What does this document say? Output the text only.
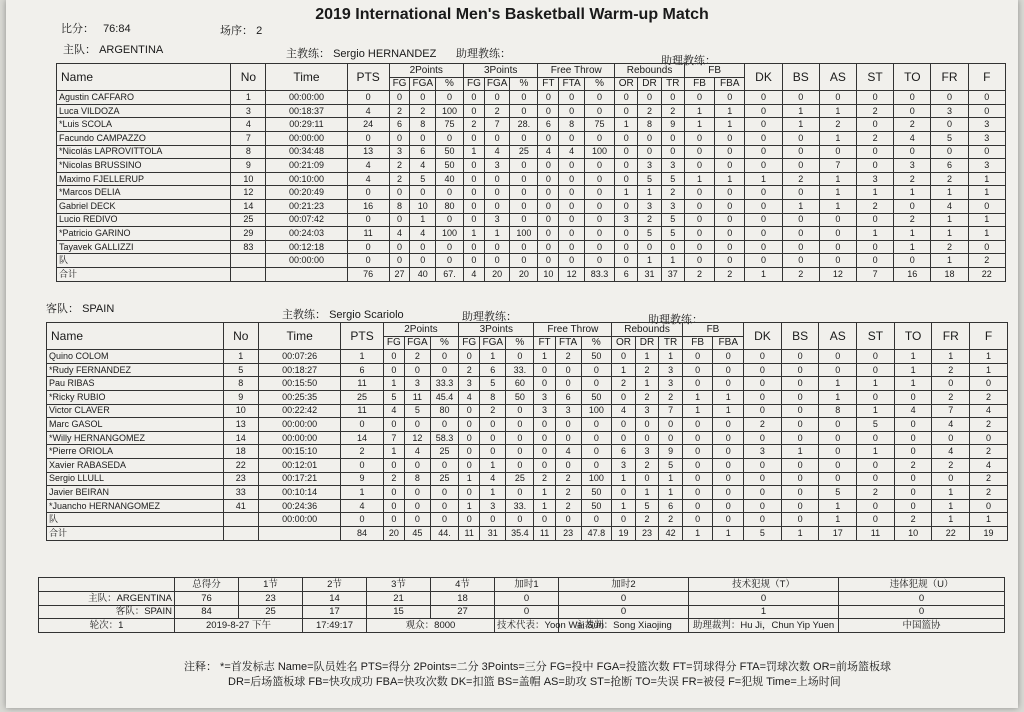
2019 International Men's Basketball Warm-up Match
比分： 76:84	场序： 2
主队： ARGENTINA	主教练： Sergio HERNANDEZ 助理教练：
助理教练：
Name	No	Time	PTS	2Points			3Points			Free Throw			Rebounds			FB		DK	BS	AS	ST	TO	FR	F
				FG	FGA	%	FG	FGA	%	FT	FTA	%	OR	DR	TR	FB	FBA							
Agustin CAFFARO	1	00:00:00	0	0	0	0	0	0	0	0	0	0	0	0	0	0	0	0	0	0	0	0	0	0
Luca VILDOZA	3	00:18:37	4	2	2	100	0	2	0	0	0	0	0	2	2	1	1	0	1	1	2	0	3	0
*Luis SCOLA	4	00:29:11	24	6	8	75	2	7	28.	6	8	75	1	8	9	1	1	0	1	2	0	2	0	3
Facundo CAMPAZZO	7	00:00:00	0	0	0	0	0	0	0	0	0	0	0	0	0	0	0	0	0	1	2	4	5	3
*Nicolás LAPROVITTOLA	8	00:34:48	13	3	6	50	1	4	25	4	4	100	0	0	0	0	0	0	0	0	0	0	0	0
*Nicolas BRUSSINO	9	00:21:09	4	2	4	50	0	3	0	0	0	0	0	3	3	0	0	0	0	7	0	3	6	3
Maximo FJELLERUP	10	00:10:00	4	2	5	40	0	0	0	0	0	0	0	5	5	1	1	1	2	1	3	2	2	1
*Marcos DELIA	12	00:20:49	0	0	0	0	0	0	0	0	0	0	1	1	2	0	0	0	0	1	1	1	1	1
Gabriel DECK	14	00:21:23	16	8	10	80	0	0	0	0	0	0	0	3	3	0	0	0	1	1	2	0	4	0
Lucio REDIVO	25	00:07:42	0	0	1	0	0	3	0	0	0	0	3	2	5	0	0	0	0	0	0	2	1	1
*Patricio GARINO	29	00:24:03	11	4	4	100	1	1	100	0	0	0	0	5	5	0	0	0	0	0	1	1	1	1
Tayavek GALLIZZI	83	00:12:18	0	0	0	0	0	0	0	0	0	0	0	0	0	0	0	0	0	0	0	1	2	0
队		00:00:00	0	0	0	0	0	0	0	0	0	0	0	1	1	0	0	0	0	0	0	0	1	2
合计			76	27	40	67.	4	20	20	10	12	83.3	6	31	37	2	2	1	2	12	7	16	18	22
客队： SPAIN	主教练： Sergio Scariolo	助理教练：	助理教练：
Name	No	Time	PTS	2Points			3Points			Free Throw			Rebounds			FB		DK	BS	AS	ST	TO	FR	F
				FG	FGA	%	FG	FGA	%	FT	FTA	%	OR	DR	TR	FB	FBA							
Quino COLOM	1	00:07:26	1	0	2	0	0	1	0	1	2	50	0	1	1	0	0	0	0	0	0	1	1	1
*Rudy FERNANDEZ	5	00:18:27	6	0	0	0	2	6	33.	0	0	0	1	2	3	0	0	0	0	0	0	1	2	1
Pau RIBAS	8	00:15:50	11	1	3	33.3	3	5	60	0	0	0	2	1	3	0	0	0	0	1	1	1	0	0
*Ricky RUBIO	9	00:25:35	25	5	11	45.4	4	8	50	3	6	50	0	2	2	1	1	0	0	1	0	0	2	2
Victor CLAVER	10	00:22:42	11	4	5	80	0	2	0	3	3	100	4	3	7	1	1	0	0	8	1	4	7	4
Marc GASOL	13	00:00:00	0	0	0	0	0	0	0	0	0	0	0	0	0	0	0	2	0	0	5	0	4	2
*Willy HERNANGOMEZ	14	00:00:00	14	7	12	58.3	0	0	0	0	0	0	0	0	0	0	0	0	0	0	0	0	0	0
*Pierre ORIOLA	18	00:15:10	2	1	4	25	0	0	0	0	4	0	6	3	9	0	0	3	1	0	1	0	4	2
Xavier RABASEDA	22	00:12:01	0	0	0	0	0	1	0	0	0	0	3	2	5	0	0	0	0	0	0	2	2	4
Sergio LLULL	23	00:17:21	9	2	8	25	1	4	25	2	2	100	1	0	1	0	0	0	0	0	0	0	0	2
Javier BEIRAN	33	00:10:14	1	0	0	0	0	1	0	1	2	50	0	1	1	0	0	0	0	5	2	0	1	2
*Juancho HERNANGOMEZ	41	00:24:36	4	0	0	0	1	3	33.	1	2	50	1	5	6	0	0	0	0	1	0	0	1	0
队		00:00:00	0	0	0	0	0	0	0	0	0	0	0	2	2	0	0	0	0	1	0	2	1	1
合计			84	20	45	44.	11	31	35.4	11	23	47.8	19	23	42	1	1	5	1	17	11	10	22	19
	总得分	1节	2节	3节	4节	加时1	加时2	技术犯规（T）	违体犯规（U）	
主队：ARGENTINA	76	23	14	21	18	0	0	0	0	
客队：SPAIN	84	25	17	15	27	0	0	1	0	
轮次：1	2019-8-27 下午		17:49:17	观众：8000		技术代表：Yoon Wai Sun	主裁判：Song Xiaojing	助理裁判：Hu Ji，Chun Yip Yuen	中国篮协	
注释： *=首发标志 Name=队员姓名 PTS=得分 2Points=二分 3Points=三分 FG=投中 FGA=投篮次数 FT=罚球得分 FTA=罚球次数 OR=前场篮板球
DR=后场篮板球 FB=快攻成功 FBA=快攻次数 DK=扣篮 BS=盖帽 AS=助攻 ST=抢断 TO=失误 FR=被侵 F=犯规 Time=上场时间
